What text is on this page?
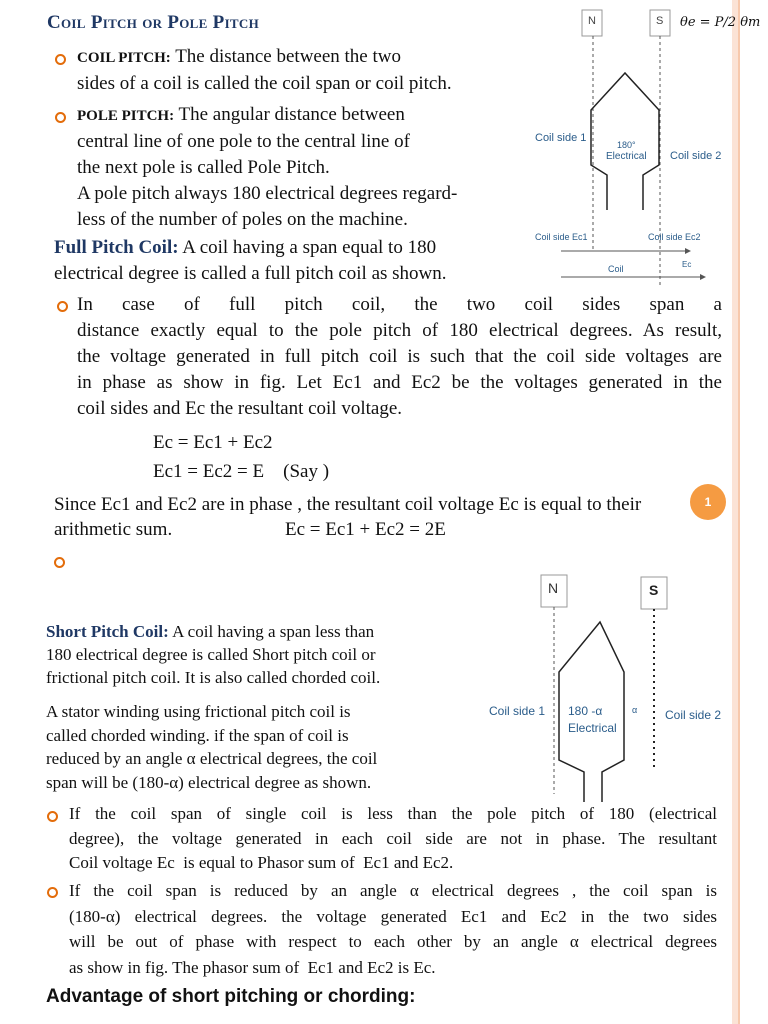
Coil Pitch or Pole Pitch
COIL PITCH: The distance between the two
sides of a coil is called the coil span or coil pitch.
POLE PITCH: The angular distance between
central line of one pole to the central line of
the next pole is called Pole Pitch.
A pole pitch always 180 electrical degrees regard-
less of the number of poles on the machine.
Full Pitch Coil: A coil having a span equal to 180
electrical degree is called a full pitch coil as shown.
N	S θe = P/2 θm
Coil side 1
Coil side 2
180°
Electrical
Coil side Ec1	Coil side Ec2
Coil	Ec
In case of full pitch coil, the two coil sides span a
distance exactly equal to the pole pitch of 180 electrical degrees. As result,
the voltage generated in full pitch coil is such that the coil side voltages are
in phase as show in fig. Let Ec1 and Ec2 be the voltages generated in the
coil sides and Ec the resultant coil voltage.
Ec = Ec1 + Ec2
Ec1 = Ec2 = E    (Say )
Since Ec1 and Ec2 are in phase , the resultant coil voltage Ec is equal to their
arithmetic sum.	Ec = Ec1 + Ec2 = 2E
1
N	S
Coil side 1	Coil side 2
180 -α
Electrical
α
Short Pitch Coil: A coil having a span less than
180 electrical degree is called Short pitch coil or
frictional pitch coil. It is also called chorded coil.
A stator winding using frictional pitch coil is
called chorded winding. if the span of coil is
reduced by an angle α electrical degrees, the coil
span will be (180-α) electrical degree as shown.
If the coil span of single coil is less than the pole pitch of 180 (electrical
degree), the voltage generated in each coil side are not in phase. The resultant
Coil voltage Ec  is equal to Phasor sum of  Ec1 and Ec2.
If the coil span is reduced by an angle α electrical degrees , the coil span is
(180-α) electrical degrees. the voltage generated Ec1 and Ec2 in the two sides
will be out of phase with respect to each other by an angle α electrical degrees
as show in fig. The phasor sum of  Ec1 and Ec2 is Ec.
Advantage of short pitching or chording:
